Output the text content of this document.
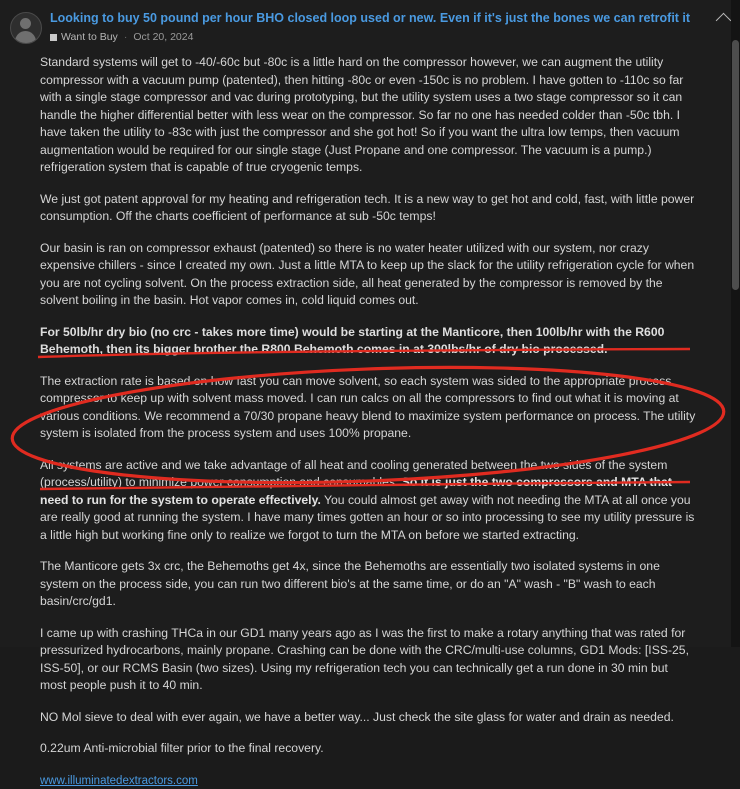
Looking to buy 50 pound per hour BHO closed loop used or new. Even if it's just the bones we can retrofit it
Want to Buy · Oct 20, 2024

Standard systems will get to -40/-60c but -80c is a little hard on the compressor however, we can augment the utility compressor with a vacuum pump (patented), then hitting -80c or even -150c is no problem. I have gotten to -110c so far with a single stage compressor and vac during prototyping, but the utility system uses a two stage compressor so it can handle the higher differential better with less wear on the compressor. So far no one has needed colder than -50c tbh. I have taken the utility to -83c with just the compressor and she got hot! So if you want the ultra low temps, then vacuum augmentation would be required for our single stage (Just Propane and one compressor. The vacuum is a pump.) refrigeration system that is capable of true cryogenic temps.

We just got patent approval for my heating and refrigeration tech. It is a new way to get hot and cold, fast, with little power consumption. Off the charts coefficient of performance at sub -50c temps!

Our basin is ran on compressor exhaust (patented) so there is no water heater utilized with our system, nor crazy expensive chillers - since I created my own. Just a little MTA to keep up the slack for the utility refrigeration cycle for when you are not cycling solvent. On the process extraction side, all heat generated by the compressor is removed by the solvent boiling in the basin. Hot vapor comes in, cold liquid comes out.

For 50lb/hr dry bio (no crc - takes more time) would be starting at the Manticore, then 100lb/hr with the R600 Behemoth, then its bigger brother the R800 Behemoth comes in at 300lbs/hr of dry bio processed.

The extraction rate is based on how fast you can move solvent, so each system was sided to the appropriate process compressor to keep up with solvent mass moved. I can run calcs on all the compressors to find out what it is moving at various conditions. We recommend a 70/30 propane heavy blend to maximize system performance on process. The utility system is isolated from the process system and uses 100% propane.

All systems are active and we take advantage of all heat and cooling generated between the two sides of the system (process/utility) to minimize power consumption and consumables. So it is just the two compressors and MTA that need to run for the system to operate effectively. You could almost get away with not needing the MTA at all once you are really good at running the system. I have many times gotten an hour or so into processing to see my utility pressure is a little high but working fine only to realize we forgot to turn the MTA on before we started extracting.

The Manticore gets 3x crc, the Behemoths get 4x, since the Behemoths are essentially two isolated systems in one system on the process side, you can run two different bio's at the same time, or do an "A" wash - "B" wash to each basin/crc/gd1.

I came up with crashing THCa in our GD1 many years ago as I was the first to make a rotary anything that was rated for pressurized hydrocarbons, mainly propane. Crashing can be done with the CRC/multi-use columns, GD1 Mods: [ISS-25, ISS-50], or our RCMS Basin (two sizes). Using my refrigeration tech you can technically get a run done in 30 min but most people push it to 40 min.

NO Mol sieve to deal with ever again, we have a better way... Just check the site glass for water and drain as needed.

0.22um Anti-microbial filter prior to the final recovery.

www.illuminatedextractors.com
